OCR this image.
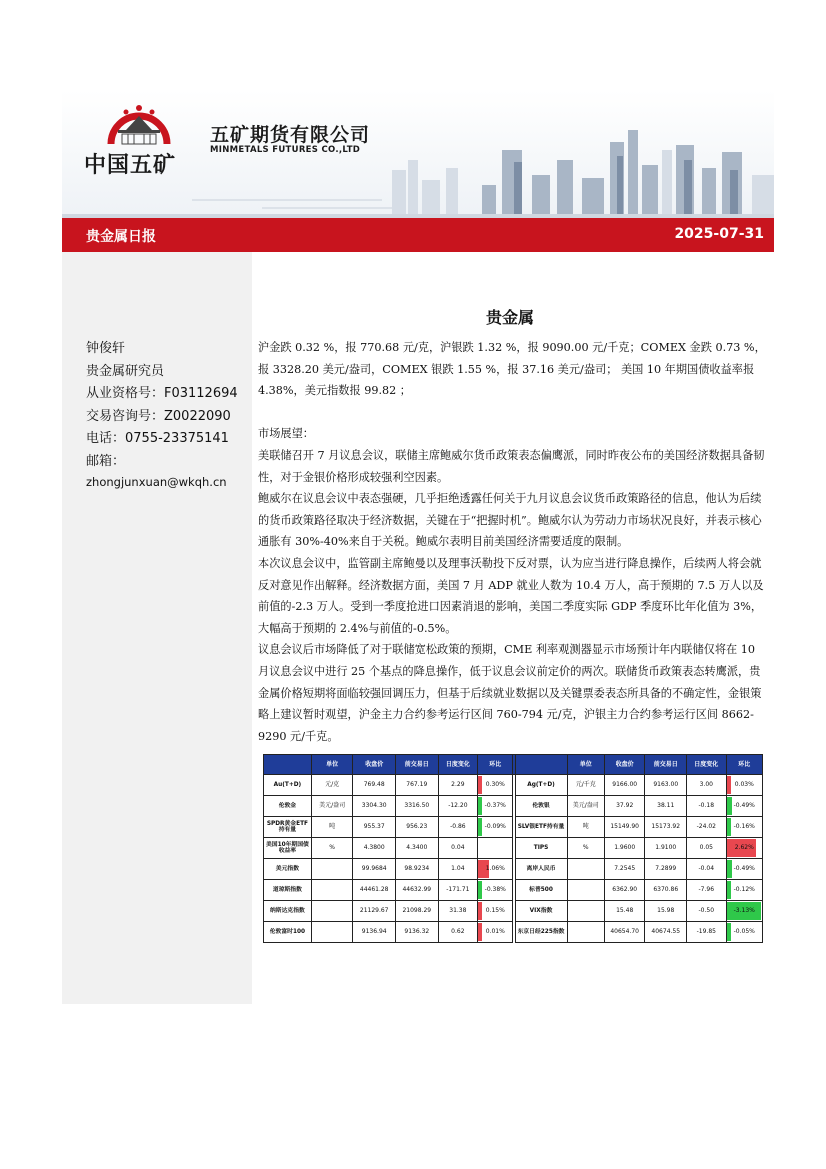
中国五矿
五矿期货有限公司
MINMETALS FUTURES CO.,LTD
贵金属日报	2025-07-31
钟俊轩
贵金属研究员
从业资格号：F03112694
交易咨询号：Z0022090
电话：0755-23375141
邮箱：
zhongjunxuan@wkqh.cn
贵金属

沪金跌 0.32 %，报 770.68 元/克，沪银跌 1.32 %，报 9090.00 元/千克；COMEX 金跌 0.73 %，报 3328.20 美元/盎司，COMEX 银跌 1.55 %，报 37.16 美元/盎司； 美国 10 年期国债收益率报 4.38%，美元指数报 99.82 ；

市场展望：

美联储召开 7 月议息会议，联储主席鲍威尔货币政策表态偏鹰派，同时昨夜公布的美国经济数据具备韧性，对于金银价格形成较强利空因素。

鲍威尔在议息会议中表态强硬，几乎拒绝透露任何关于九月议息会议货币政策路径的信息，他认为后续的货币政策路径取决于经济数据，关键在于“把握时机”。鲍威尔认为劳动力市场状况良好，并表示核心通胀有 30%-40%来自于关税。鲍威尔表明目前美国经济需要适度的限制。

本次议息会议中，监管副主席鲍曼以及理事沃勒投下反对票，认为应当进行降息操作，后续两人将会就反对意见作出解释。经济数据方面，美国 7 月 ADP 就业人数为 10.4 万人，高于预期的 7.5 万人以及前值的-2.3 万人。受到一季度抢进口因素消退的影响，美国二季度实际 GDP 季度环比年化值为 3%，大幅高于预期的 2.4%与前值的-0.5%。

议息会议后市场降低了对于联储宽松政策的预期，CME 利率观测器显示市场预计年内联储仅将在 10 月议息会议中进行 25 个基点的降息操作，低于议息会议前定价的两次。联储货币政策表态转鹰派，贵金属价格短期将面临较强回调压力，但基于后续就业数据以及关键票委表态所具备的不确定性，金银策略上建议暂时观望，沪金主力合约参考运行区间 760-794 元/克，沪银主力合约参考运行区间 8662-9290 元/千克。

	单位	收盘价	前交易日	日度变化	环比			单位	收盘价	前交易日	日度变化	环比
Au(T+D)	元/克	769.48	767.19	2.29	0.30%		Ag(T+D)	元/千克	9166.00	9163.00	3.00	0.03%
伦敦金	美元/盎司	3304.30	3316.50	-12.20	-0.37%		伦敦银	美元/盎司	37.92	38.11	-0.18	-0.49%
SPDR黄金ETF持有量	吨	955.37	956.23	-0.86	-0.09%		SLV银ETF持有量	吨	15149.90	15173.92	-24.02	-0.16%
美国10年期国债收益率	%	4.3800	4.3400	0.04			TIPS	%	1.9600	1.9100	0.05	2.62%
美元指数		99.9684	98.9234	1.04	1.06%		离岸人民币		7.2545	7.2899	-0.04	-0.49%
道琼斯指数		44461.28	44632.99	-171.71	-0.38%		标普500		6362.90	6370.86	-7.96	-0.12%
纳斯达克指数		21129.67	21098.29	31.38	0.15%		VIX指数		15.48	15.98	-0.50	-3.13%
伦敦富时100		9136.94	9136.32	0.62	0.01%		东京日经225指数		40654.70	40674.55	-19.85	-0.05%
